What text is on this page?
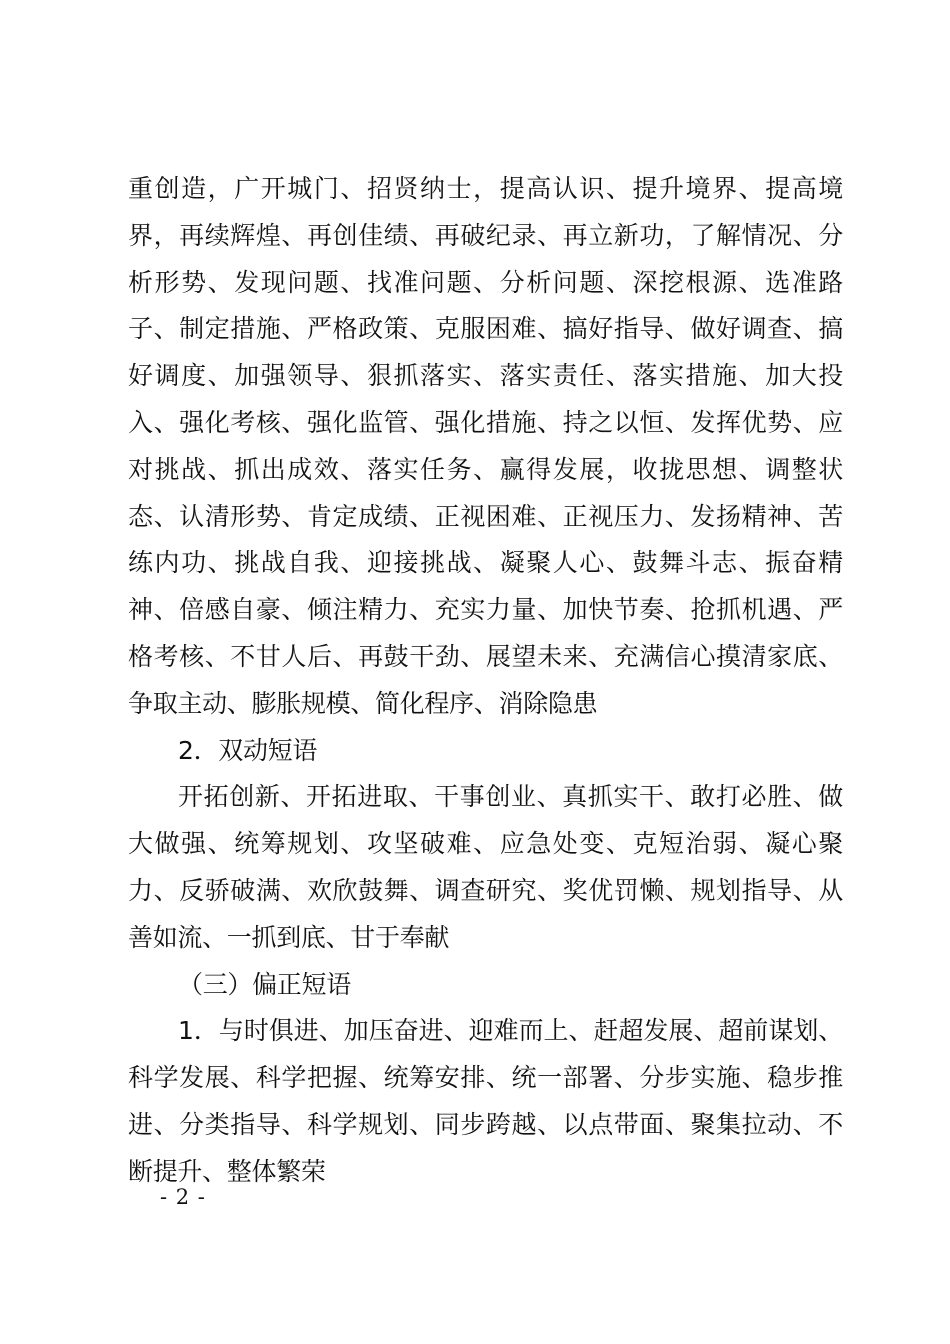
重创造，广开城门、招贤纳士，提高认识、提升境界、提高境界，再续辉煌、再创佳绩、再破纪录、再立新功，了解情况、分析形势、发现问题、找准问题、分析问题、深挖根源、选准路子、制定措施、严格政策、克服困难、搞好指导、做好调查、搞好调度、加强领导、狠抓落实、落实责任、落实措施、加大投入、强化考核、强化监管、强化措施、持之以恒、发挥优势、应对挑战、抓出成效、落实任务、赢得发展，收拢思想、调整状态、认清形势、肯定成绩、正视困难、正视压力、发扬精神、苦练内功、挑战自我、迎接挑战、凝聚人心、鼓舞斗志、振奋精神、倍感自豪、倾注精力、充实力量、加快节奏、抢抓机遇、严格考核、不甘人后、再鼓干劲、展望未来、充满信心摸清家底、争取主动、膨胀规模、简化程序、消除隐患

2．双动短语

开拓创新、开拓进取、干事创业、真抓实干、敢打必胜、做大做强、统筹规划、攻坚破难、应急处变、克短治弱、凝心聚力、反骄破满、欢欣鼓舞、调查研究、奖优罚懒、规划指导、从善如流、一抓到底、甘于奉献

（三）偏正短语

1．与时俱进、加压奋进、迎难而上、赶超发展、超前谋划、科学发展、科学把握、统筹安排、统一部署、分步实施、稳步推进、分类指导、科学规划、同步跨越、以点带面、聚集拉动、不断提升、整体繁荣

- 2 -
